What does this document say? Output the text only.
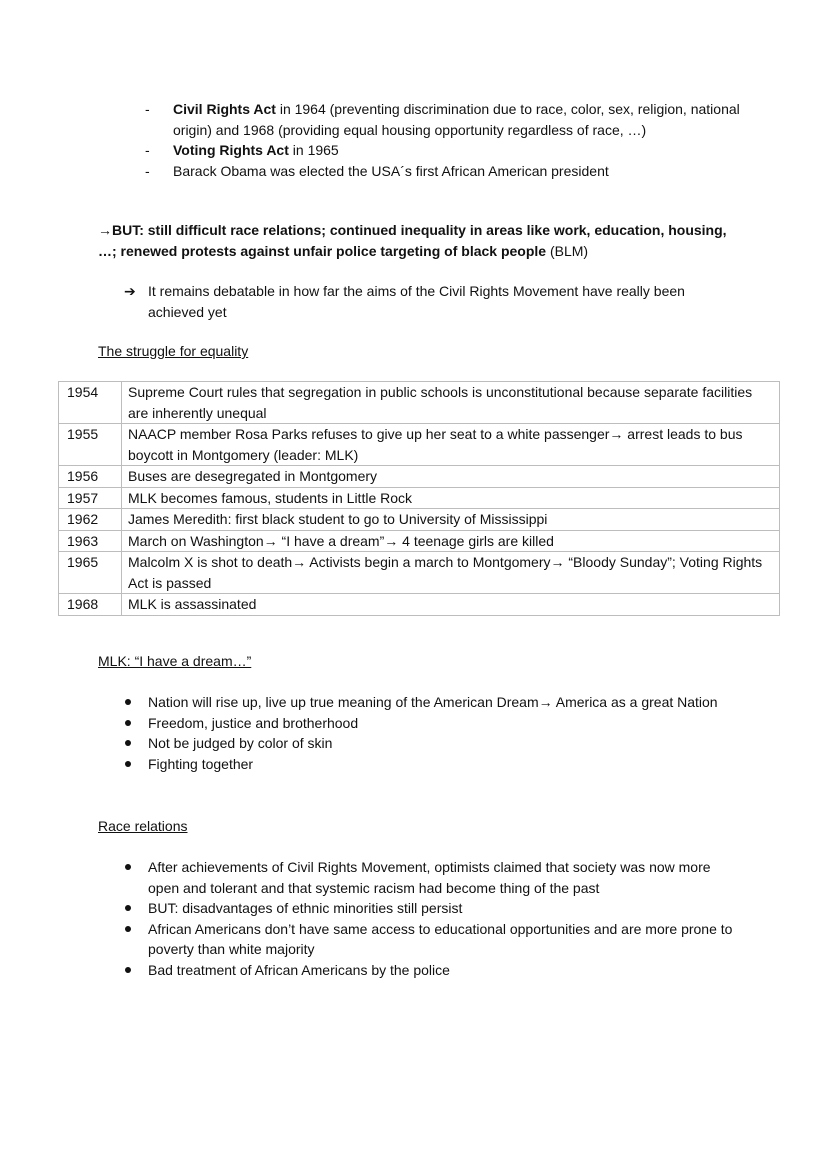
- Civil Rights Act in 1964 (preventing discrimination due to race, color, sex, religion, national origin) and 1968 (providing equal housing opportunity regardless of race, …)
- Voting Rights Act in 1965
- Barack Obama was elected the USA´s first African American president
→BUT: still difficult race relations; continued inequality in areas like work, education, housing, …; renewed protests against unfair police targeting of black people (BLM)
➔ It remains debatable in how far the aims of the Civil Rights Movement have really been achieved yet
The struggle for equality
1954	Supreme Court rules that segregation in public schools is unconstitutional because separate facilities are inherently unequal
1955	NAACP member Rosa Parks refuses to give up her seat to a white passenger→ arrest leads to bus boycott in Montgomery (leader: MLK)
1956	Buses are desegregated in Montgomery
1957	MLK becomes famous, students in Little Rock
1962	James Meredith: first black student to go to University of Mississippi
1963	March on Washington→ “I have a dream”→ 4 teenage girls are killed
1965	Malcolm X is shot to death→ Activists begin a march to Montgomery→ “Bloody Sunday”; Voting Rights Act is passed
1968	MLK is assassinated
MLK: “I have a dream…”
Nation will rise up, live up true meaning of the American Dream→ America as a great Nation
Freedom, justice and brotherhood
Not be judged by color of skin
Fighting together
Race relations
After achievements of Civil Rights Movement, optimists claimed that society was now more open and tolerant and that systemic racism had become thing of the past
BUT: disadvantages of ethnic minorities still persist
African Americans don’t have same access to educational opportunities and are more prone to poverty than white majority
Bad treatment of African Americans by the police
